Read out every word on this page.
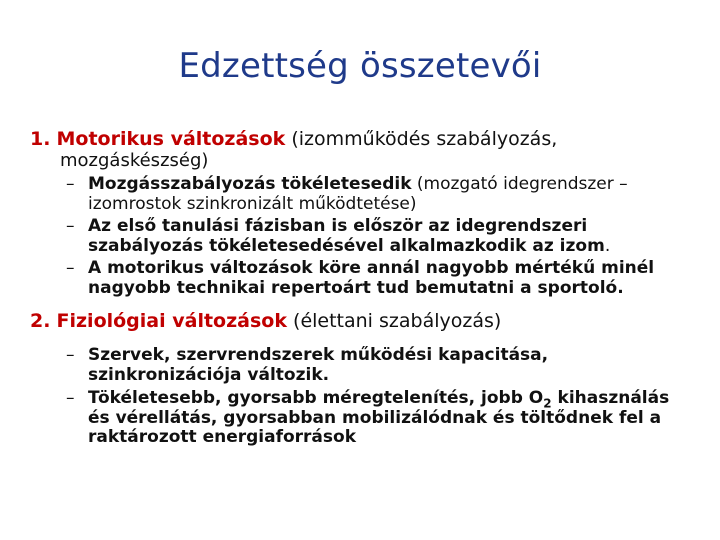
Edzettség összetevői
1. Motorikus változások (izomműködés szabályozás,
mozgáskészség)
– Mozgásszabályozás tökéletesedik (mozgató idegrendszer –
izomrostok szinkronizált működtetése)
– Az első tanulási fázisban is először az idegrendszeri
szabályozás tökéletesedésével alkalmazkodik az izom.
– A motorikus változások köre annál nagyobb mértékű minél
nagyobb technikai repertoárt tud bemutatni a sportoló.
2. Fiziológiai változások (élettani szabályozás)
– Szervek, szervrendszerek működési kapacitása,
szinkronizációja változik.
– Tökéletesebb, gyorsabb méregtelenítés, jobb $O_2$ kihasználás
és vérellátás, gyorsabban mobilizálódnak és töltődnek fel a
raktározott energiaforrások
